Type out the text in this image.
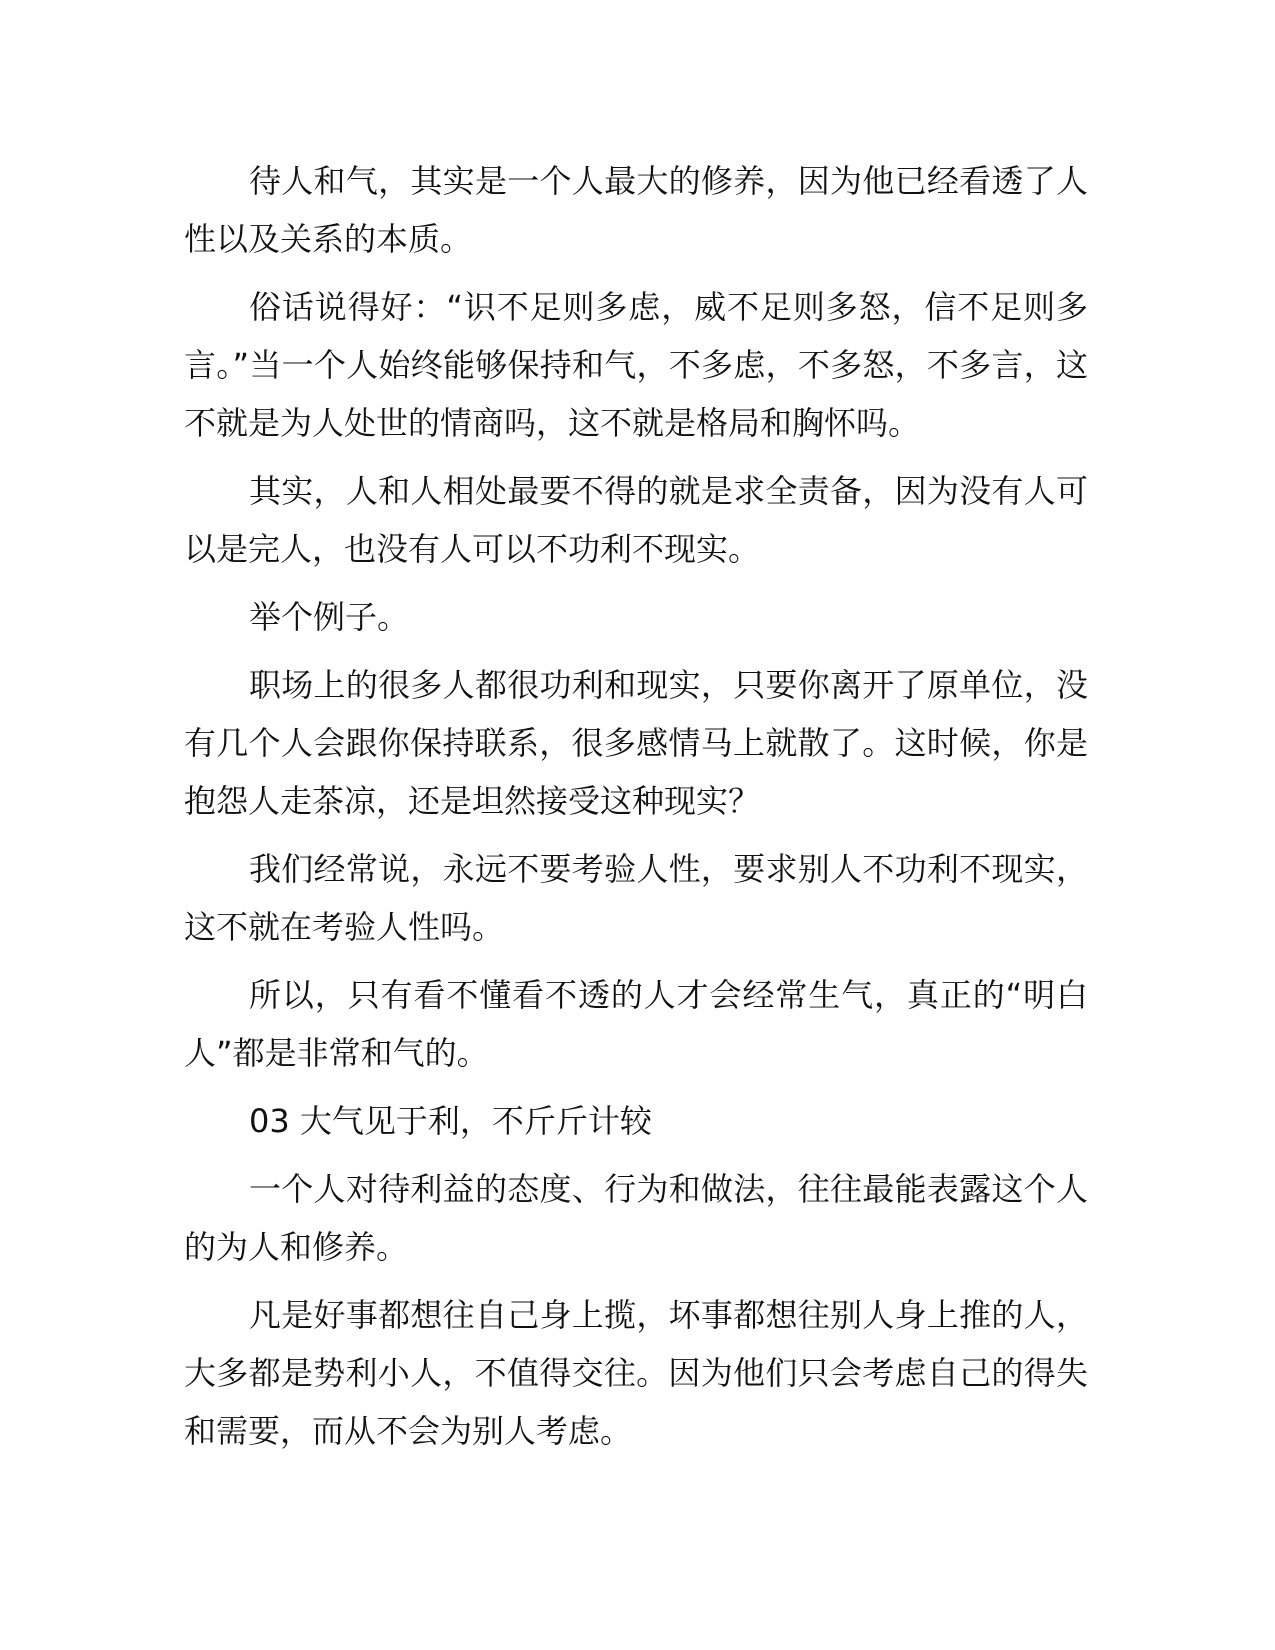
待人和气，其实是一个人最大的修养，因为他已经看透了人性以及关系的本质。

俗话说得好：“识不足则多虑，威不足则多怒，信不足则多言。”当一个人始终能够保持和气，不多虑，不多怒，不多言，这不就是为人处世的情商吗，这不就是格局和胸怀吗。

其实，人和人相处最要不得的就是求全责备，因为没有人可以是完人，也没有人可以不功利不现实。

举个例子。

职场上的很多人都很功利和现实，只要你离开了原单位，没有几个人会跟你保持联系，很多感情马上就散了。这时候，你是抱怨人走茶凉，还是坦然接受这种现实？

我们经常说，永远不要考验人性，要求别人不功利不现实，这不就在考验人性吗。

所以，只有看不懂看不透的人才会经常生气，真正的“明白人”都是非常和气的。

03 大气见于利，不斤斤计较

一个人对待利益的态度、行为和做法，往往最能表露这个人的为人和修养。

凡是好事都想往自己身上揽，坏事都想往别人身上推的人，大多都是势利小人，不值得交往。因为他们只会考虑自己的得失和需要，而从不会为别人考虑。
